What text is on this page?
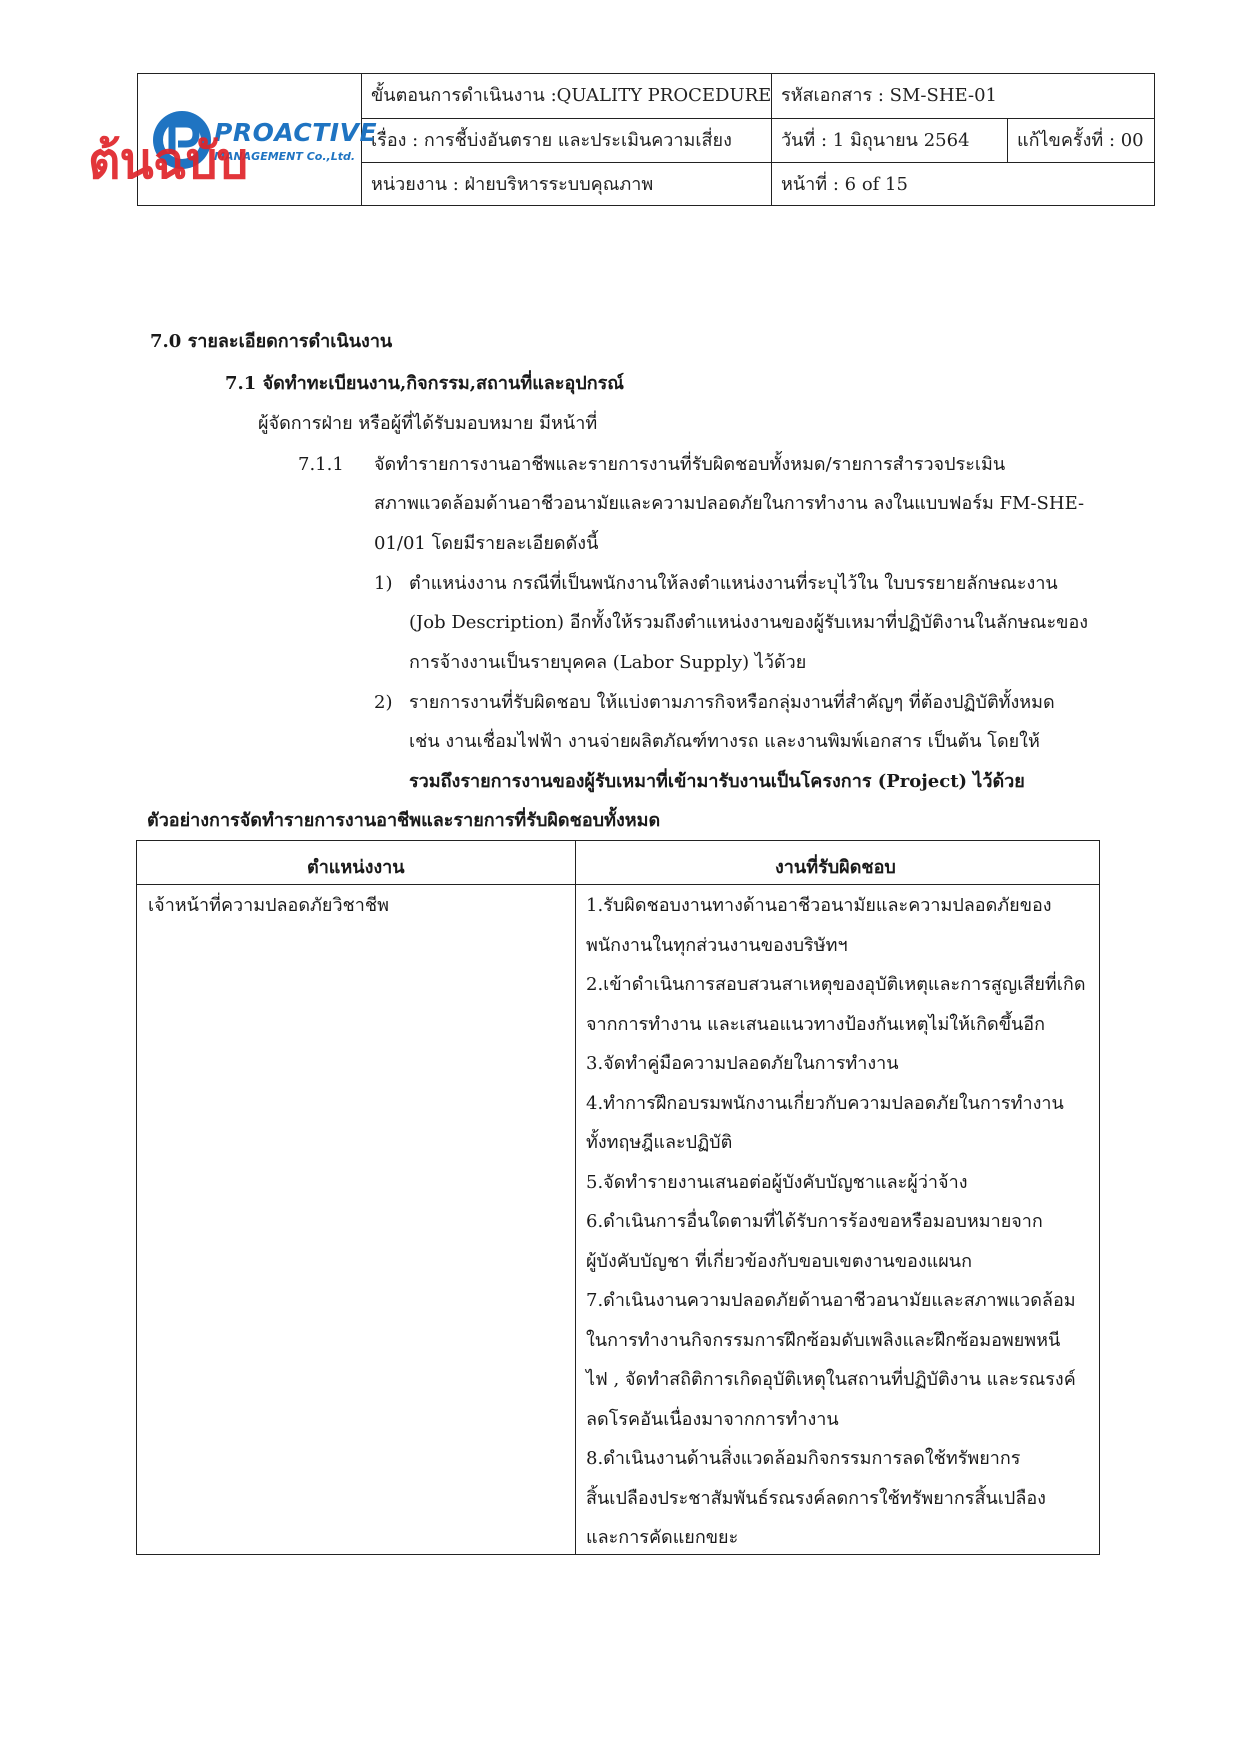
ขั้นตอนการดำเนินงาน :QUALITY PROCEDURE รหัสเอกสาร : SM-SHE-01
เรื่อง : การชี้บ่งอันตราย และประเมินความเสี่ยง	วันที่ : 1 มิถุนายน 2564	แก้ไขครั้งที่ : 00
หน่วยงาน : ฝ่ายบริหารระบบคุณภาพ	หน้าที่ : 6 of 15
PROACTIVE
MANAGEMENT Co.,Ltd.
ต้นฉบับ
7.0 รายละเอียดการดำเนินงาน
7.1 จัดทำทะเบียนงาน,กิจกรรม,สถานที่และอุปกรณ์
ผู้จัดการฝ่าย หรือผู้ที่ได้รับมอบหมาย มีหน้าที่
7.1.1 จัดทำรายการงานอาชีพและรายการงานที่รับผิดชอบทั้งหมด/รายการสำรวจประเมิน
สภาพแวดล้อมด้านอาชีวอนามัยและความปลอดภัยในการทำงาน ลงในแบบฟอร์ม FM-SHE-
01/01 โดยมีรายละเอียดดังนี้
1) ตำแหน่งงาน กรณีที่เป็นพนักงานให้ลงตำแหน่งงานที่ระบุไว้ใน ใบบรรยายลักษณะงาน
(Job Description) อีกทั้งให้รวมถึงตำแหน่งงานของผู้รับเหมาที่ปฏิบัติงานในลักษณะของ
การจ้างงานเป็นรายบุคคล (Labor Supply) ไว้ด้วย
2) รายการงานที่รับผิดชอบ ให้แบ่งตามภารกิจหรือกลุ่มงานที่สำคัญๆ ที่ต้องปฏิบัติทั้งหมด
เช่น งานเชื่อมไฟฟ้า งานจ่ายผลิตภัณฑ์ทางรถ และงานพิมพ์เอกสาร เป็นต้น โดยให้
รวมถึงรายการงานของผู้รับเหมาที่เข้ามารับงานเป็นโครงการ (Project) ไว้ด้วย
ตัวอย่างการจัดทำรายการงานอาชีพและรายการที่รับผิดชอบทั้งหมด
ตำแหน่งงาน	งานที่รับผิดชอบ
เจ้าหน้าที่ความปลอดภัยวิชาชีพ	1.รับผิดชอบงานทางด้านอาชีวอนามัยและความปลอดภัยของ
พนักงานในทุกส่วนงานของบริษัทฯ
2.เข้าดำเนินการสอบสวนสาเหตุของอุบัติเหตุและการสูญเสียที่เกิด
จากการทำงาน และเสนอแนวทางป้องกันเหตุไม่ให้เกิดขึ้นอีก
3.จัดทำคู่มือความปลอดภัยในการทำงาน
4.ทำการฝึกอบรมพนักงานเกี่ยวกับความปลอดภัยในการทำงาน
ทั้งทฤษฎีและปฏิบัติ
5.จัดทำรายงานเสนอต่อผู้บังคับบัญชาและผู้ว่าจ้าง
6.ดำเนินการอื่นใดตามที่ได้รับการร้องขอหรือมอบหมายจาก
ผู้บังคับบัญชา ที่เกี่ยวข้องกับขอบเขตงานของแผนก
7.ดำเนินงานความปลอดภัยด้านอาชีวอนามัยและสภาพแวดล้อม
ในการทำงานกิจกรรมการฝึกซ้อมดับเพลิงและฝึกซ้อมอพยพหนี
ไฟ , จัดทำสถิติการเกิดอุบัติเหตุในสถานที่ปฏิบัติงาน และรณรงค์
ลดโรคอันเนื่องมาจากการทำงาน
8.ดำเนินงานด้านสิ่งแวดล้อมกิจกรรมการลดใช้ทรัพยากร
สิ้นเปลืองประชาสัมพันธ์รณรงค์ลดการใช้ทรัพยากรสิ้นเปลือง
และการคัดแยกขยะ
